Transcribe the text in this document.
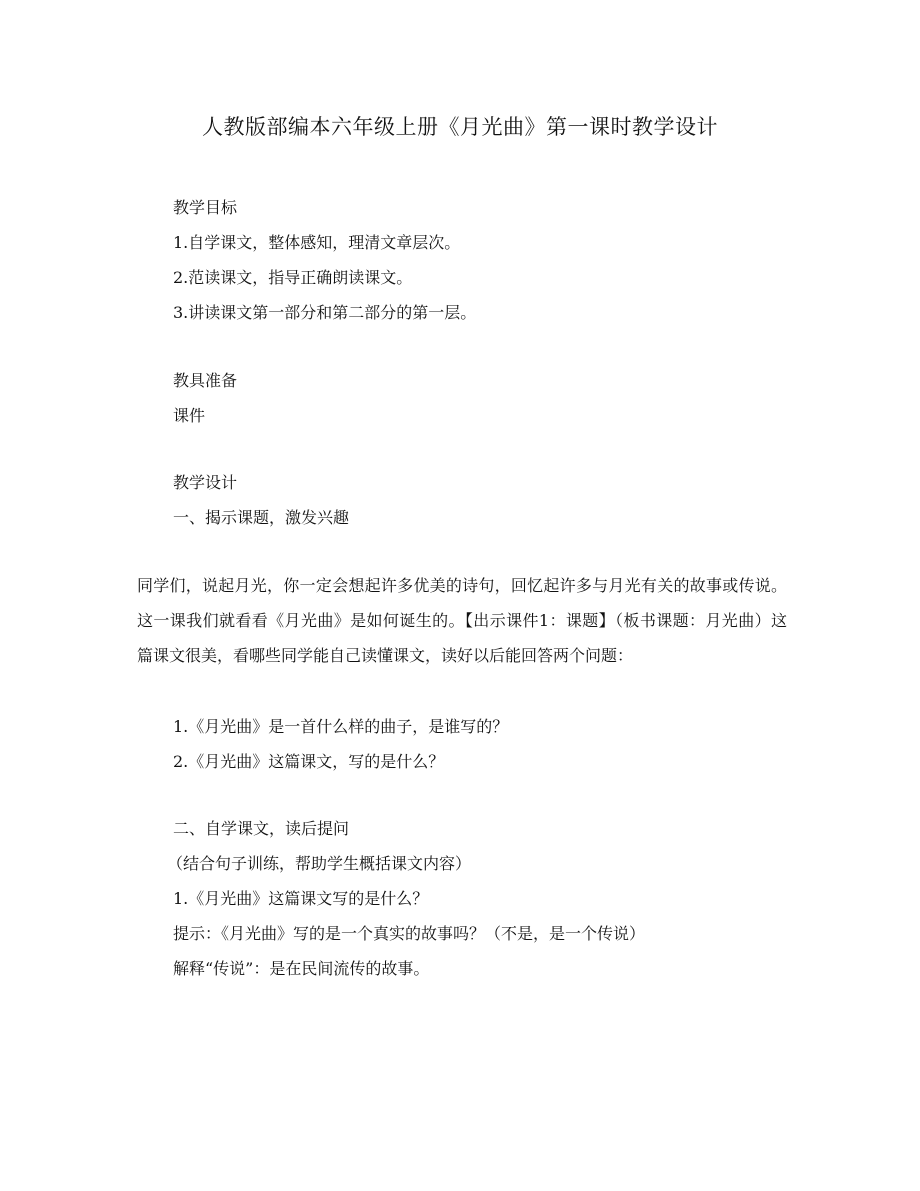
人教版部编本六年级上册《月光曲》第一课时教学设计
教学目标
1.自学课文，整体感知，理清文章层次。
2.范读课文，指导正确朗读课文。
3.讲读课文第一部分和第二部分的第一层。
教具准备
课件
教学设计
一、揭示课题，激发兴趣
同学们，说起月光，你一定会想起许多优美的诗句，回忆起许多与月光有关的故事或传说。这一课我们就看看《月光曲》是如何诞生的。【出示课件1：课题】（板书课题：月光曲）这篇课文很美，看哪些同学能自己读懂课文，读好以后能回答两个问题：
1.《月光曲》是一首什么样的曲子，是谁写的？
2.《月光曲》这篇课文，写的是什么？
二、自学课文，读后提问
（结合句子训练，帮助学生概括课文内容）
1.《月光曲》这篇课文写的是什么？
提示：《月光曲》写的是一个真实的故事吗？（不是，是一个传说）
解释“传说”：是在民间流传的故事。
